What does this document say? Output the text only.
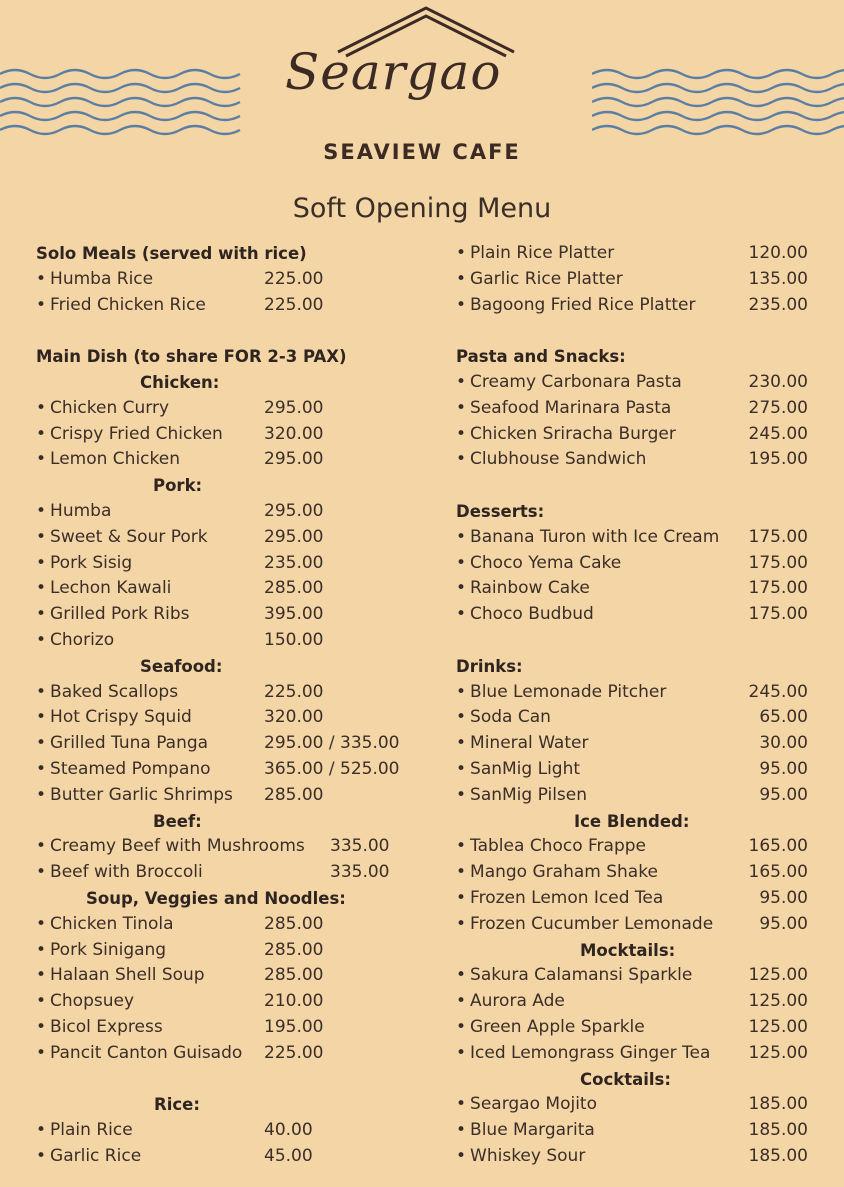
Seargao
SEAVIEW CAFE
Soft Opening Menu
Solo Meals (served with rice)
• Humba Rice	225.00
• Fried Chicken Rice	225.00
Main Dish (to share FOR 2-3 PAX)
Chicken:
• Chicken Curry	295.00
• Crispy Fried Chicken 320.00
• Lemon Chicken	295.00
Pork:
• Humba	295.00
• Sweet & Sour Pork	295.00
• Pork Sisig	235.00
• Lechon Kawali	285.00
• Grilled Pork Ribs	395.00
• Chorizo	150.00
Seafood:
• Baked Scallops	225.00
• Hot Crispy Squid	320.00
• Grilled Tuna Panga	295.00 / 335.00
• Steamed Pompano	365.00 / 525.00
• Butter Garlic Shrimps 285.00
Beef:
• Creamy Beef with Mushrooms 335.00
• Beef with Broccoli	335.00
Soup, Veggies and Noodles:
• Chicken Tinola	285.00
• Pork Sinigang	285.00
• Halaan Shell Soup	285.00
• Chopsuey	210.00
• Bicol Express	195.00
• Pancit Canton Guisado 225.00
Rice:
• Plain Rice	40.00
• Garlic Rice	45.00
• Plain Rice Platter	120.00
• Garlic Rice Platter	135.00
• Bagoong Fried Rice Platter	235.00
Pasta and Snacks:
• Creamy Carbonara Pasta	230.00
• Seafood Marinara Pasta	275.00
• Chicken Sriracha Burger	245.00
• Clubhouse Sandwich	195.00
Desserts:
• Banana Turon with Ice Cream 175.00
• Choco Yema Cake	175.00
• Rainbow Cake	175.00
• Choco Budbud	175.00
Drinks:
• Blue Lemonade Pitcher	245.00
• Soda Can	65.00
• Mineral Water	30.00
• SanMig Light	95.00
• SanMig Pilsen	95.00
Ice Blended:
• Tablea Choco Frappe	165.00
• Mango Graham Shake	165.00
• Frozen Lemon Iced Tea	95.00
• Frozen Cucumber Lemonade	95.00
Mocktails:
• Sakura Calamansi Sparkle	125.00
• Aurora Ade	125.00
• Green Apple Sparkle	125.00
• Iced Lemongrass Ginger Tea 125.00
Cocktails:
• Seargao Mojito	185.00
• Blue Margarita	185.00
• Whiskey Sour	185.00
